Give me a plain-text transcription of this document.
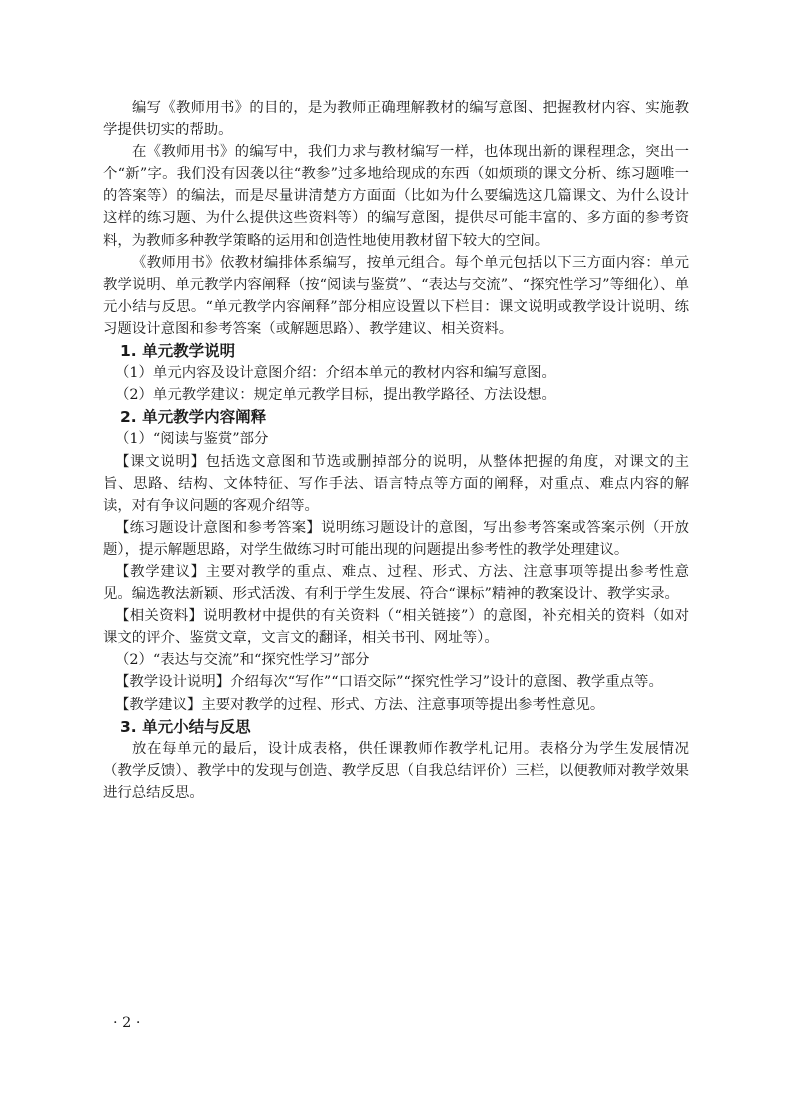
编写《教师用书》的目的，是为教师正确理解教材的编写意图、把握教材内容、实施教学提供切实的帮助。

在《教师用书》的编写中，我们力求与教材编写一样，也体现出新的课程理念，突出一个“新”字。我们没有因袭以往“教参”过多地给现成的东西（如烦琐的课文分析、练习题唯一的答案等）的编法，而是尽量讲清楚方方面面（比如为什么要编选这几篇课文、为什么设计这样的练习题、为什么提供这些资料等）的编写意图，提供尽可能丰富的、多方面的参考资料，为教师多种教学策略的运用和创造性地使用教材留下较大的空间。

《教师用书》依教材编排体系编写，按单元组合。每个单元包括以下三方面内容：单元教学说明、单元教学内容阐释（按“阅读与鉴赏”、“表达与交流”、“探究性学习”等细化）、单元小结与反思。“单元教学内容阐释”部分相应设置以下栏目：课文说明或教学设计说明、练习题设计意图和参考答案（或解题思路）、教学建议、相关资料。

1. 单元教学说明

（1）单元内容及设计意图介绍：介绍本单元的教材内容和编写意图。

（2）单元教学建议：规定单元教学目标，提出教学路径、方法设想。

2. 单元教学内容阐释

（1）“阅读与鉴赏”部分

【课文说明】包括选文意图和节选或删掉部分的说明，从整体把握的角度，对课文的主旨、思路、结构、文体特征、写作手法、语言特点等方面的阐释，对重点、难点内容的解读，对有争议问题的客观介绍等。

【练习题设计意图和参考答案】说明练习题设计的意图，写出参考答案或答案示例（开放题），提示解题思路，对学生做练习时可能出现的问题提出参考性的教学处理建议。

【教学建议】主要对教学的重点、难点、过程、形式、方法、注意事项等提出参考性意见。编选教法新颖、形式活泼、有利于学生发展、符合“课标”精神的教案设计、教学实录。

【相关资料】说明教材中提供的有关资料（“相关链接”）的意图，补充相关的资料（如对课文的评介、鉴赏文章，文言文的翻译，相关书刊、网址等）。

（2）“表达与交流”和“探究性学习”部分

【教学设计说明】介绍每次“写作”“口语交际”“探究性学习”设计的意图、教学重点等。

【教学建议】主要对教学的过程、形式、方法、注意事项等提出参考性意见。

3. 单元小结与反思

放在每单元的最后，设计成表格，供任课教师作教学札记用。表格分为学生发展情况（教学反馈）、教学中的发现与创造、教学反思（自我总结评价）三栏，以便教师对教学效果进行总结反思。

· 2 ·
